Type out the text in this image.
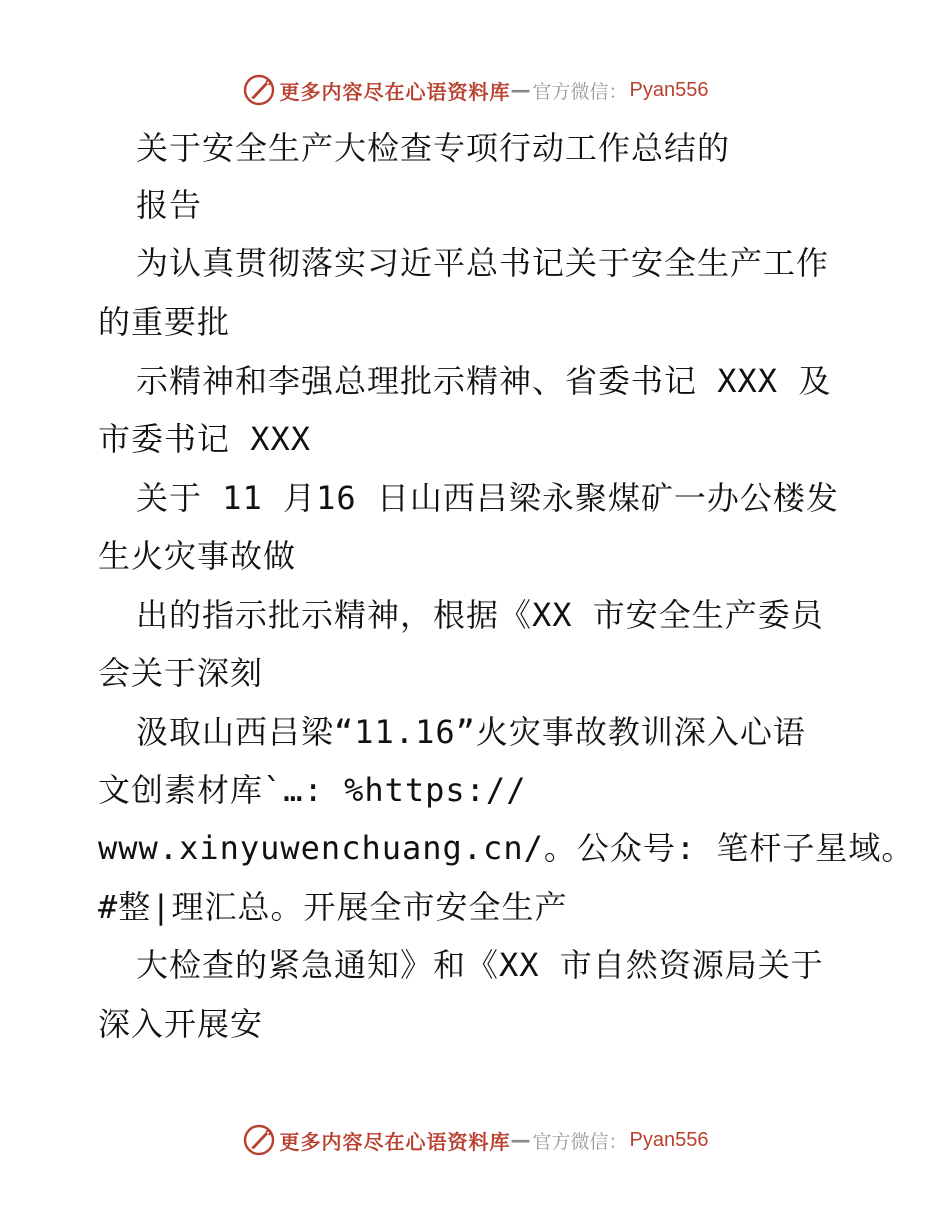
更多内容尽在心语资料库 — 官方微信： Pyan556
关于安全生产大检查专项行动工作总结的
报告
为认真贯彻落实习近平总书记关于安全生产工作
的重要批
示精神和李强总理批示精神、省委书记 XXX 及
市委书记 XXX
关于 11 月16 日山西吕梁永聚煤矿一办公楼发
生火灾事故做
出的指示批示精神，根据《XX 市安全生产委员
会关于深刻
汲取山西吕梁“11.16”火灾事故教训深入心语
文创素材库`…: %https://
www.xinyuwenchuang.cn/。公众号: 笔杆子星域。
#整|理汇总。开展全市安全生产
大检查的紧急通知》和《XX 市自然资源局关于
深入开展安
更多内容尽在心语资料库 — 官方微信： Pyan556
